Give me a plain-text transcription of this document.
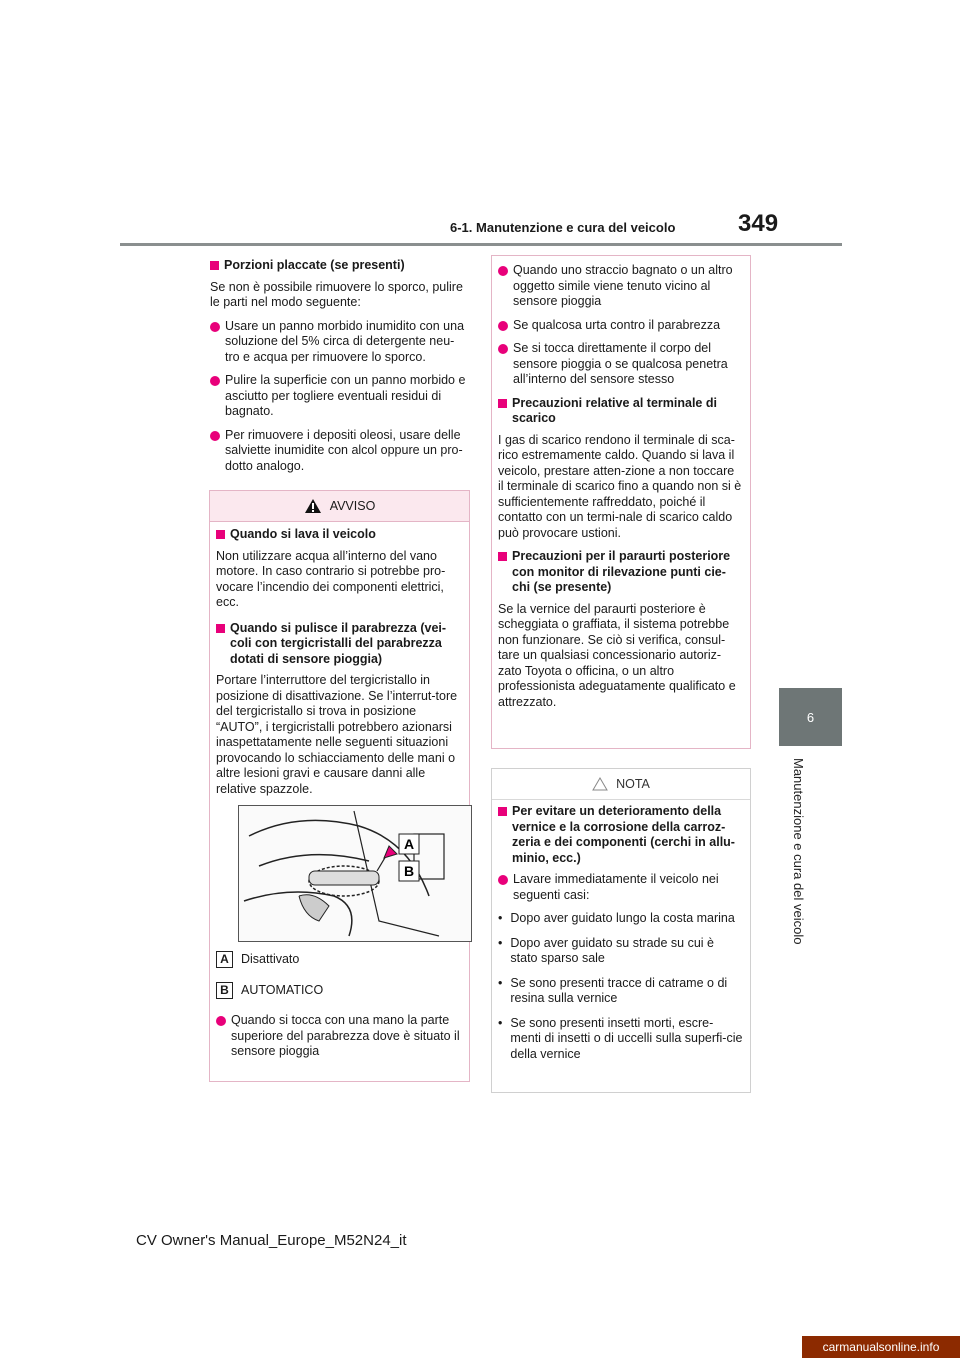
6-1. Manutenzione e cura del veicolo	349
6
Manutenzione e cura del veicolo
Porzioni placcate (se presenti)

Se non è possibile rimuovere lo sporco, pulire le parti nel modo seguente:

Usare un panno morbido inumidito con una soluzione del 5% circa di detergente neu-tro e acqua per rimuovere lo sporco.
Pulire la superficie con un panno morbido e asciutto per togliere eventuali residui di bagnato.
Per rimuovere i depositi oleosi, usare delle salviette inumidite con alcol oppure un pro-dotto analogo.
AVVISO
Quando si lava il veicolo

Non utilizzare acqua all’interno del vano motore. In caso contrario si potrebbe pro-vocare l’incendio dei componenti elettrici, ecc.

Quando si pulisce il parabrezza (vei-coli con tergicristalli del parabrezza dotati di sensore pioggia)

Portare l’interruttore del tergicristallo in posizione di disattivazione. Se l’interrut-tore del tergicristallo si trova in posizione “AUTO”, i tergicristalli potrebbero azionarsi inaspettatamente nelle seguenti situazioni provocando lo schiacciamento delle mani o altre lesioni gravi e causare danni alle relative spazzole.

A
B
A Disattivato
B AUTOMATICO
Quando si tocca con una mano la parte superiore del parabrezza dove è situato il sensore pioggia
Quando uno straccio bagnato o un altro oggetto simile viene tenuto vicino al sensore pioggia
Se qualcosa urta contro il parabrezza
Se si tocca direttamente il corpo del sensore pioggia o se qualcosa penetra all’interno del sensore stesso
Precauzioni relative al terminale di scarico

I gas di scarico rendono il terminale di sca-rico estremamente caldo. Quando si lava il veicolo, prestare atten-zione a non toccare il terminale di scarico fino a quando non si è sufficientemente raffreddato, poiché il contatto con un termi-nale di scarico caldo può provocare ustioni.

Precauzioni per il paraurti posteriore con monitor di rilevazione punti cie-chi (se presente)

Se la vernice del paraurti posteriore è scheggiata o graffiata, il sistema potrebbe non funzionare. Se ciò si verifica, consul-tare un qualsiasi concessionario autoriz-zato Toyota o officina, o un altro professionista adeguatamente qualificato e attrezzato.

NOTA
Per evitare un deterioramento della vernice e la corrosione della carroz-zeria e dei componenti (cerchi in allu-minio, ecc.)
Lavare immediatamente il veicolo nei seguenti casi:
• Dopo aver guidato lungo la costa marina
• Dopo aver guidato su strade su cui è stato sparso sale
• Se sono presenti tracce di catrame o di resina sulla vernice
• Se sono presenti insetti morti, escre-menti di insetti o di uccelli sulla superfi-cie della vernice
CV Owner's Manual_Europe_M52N24_it
carmanualsonline.info
